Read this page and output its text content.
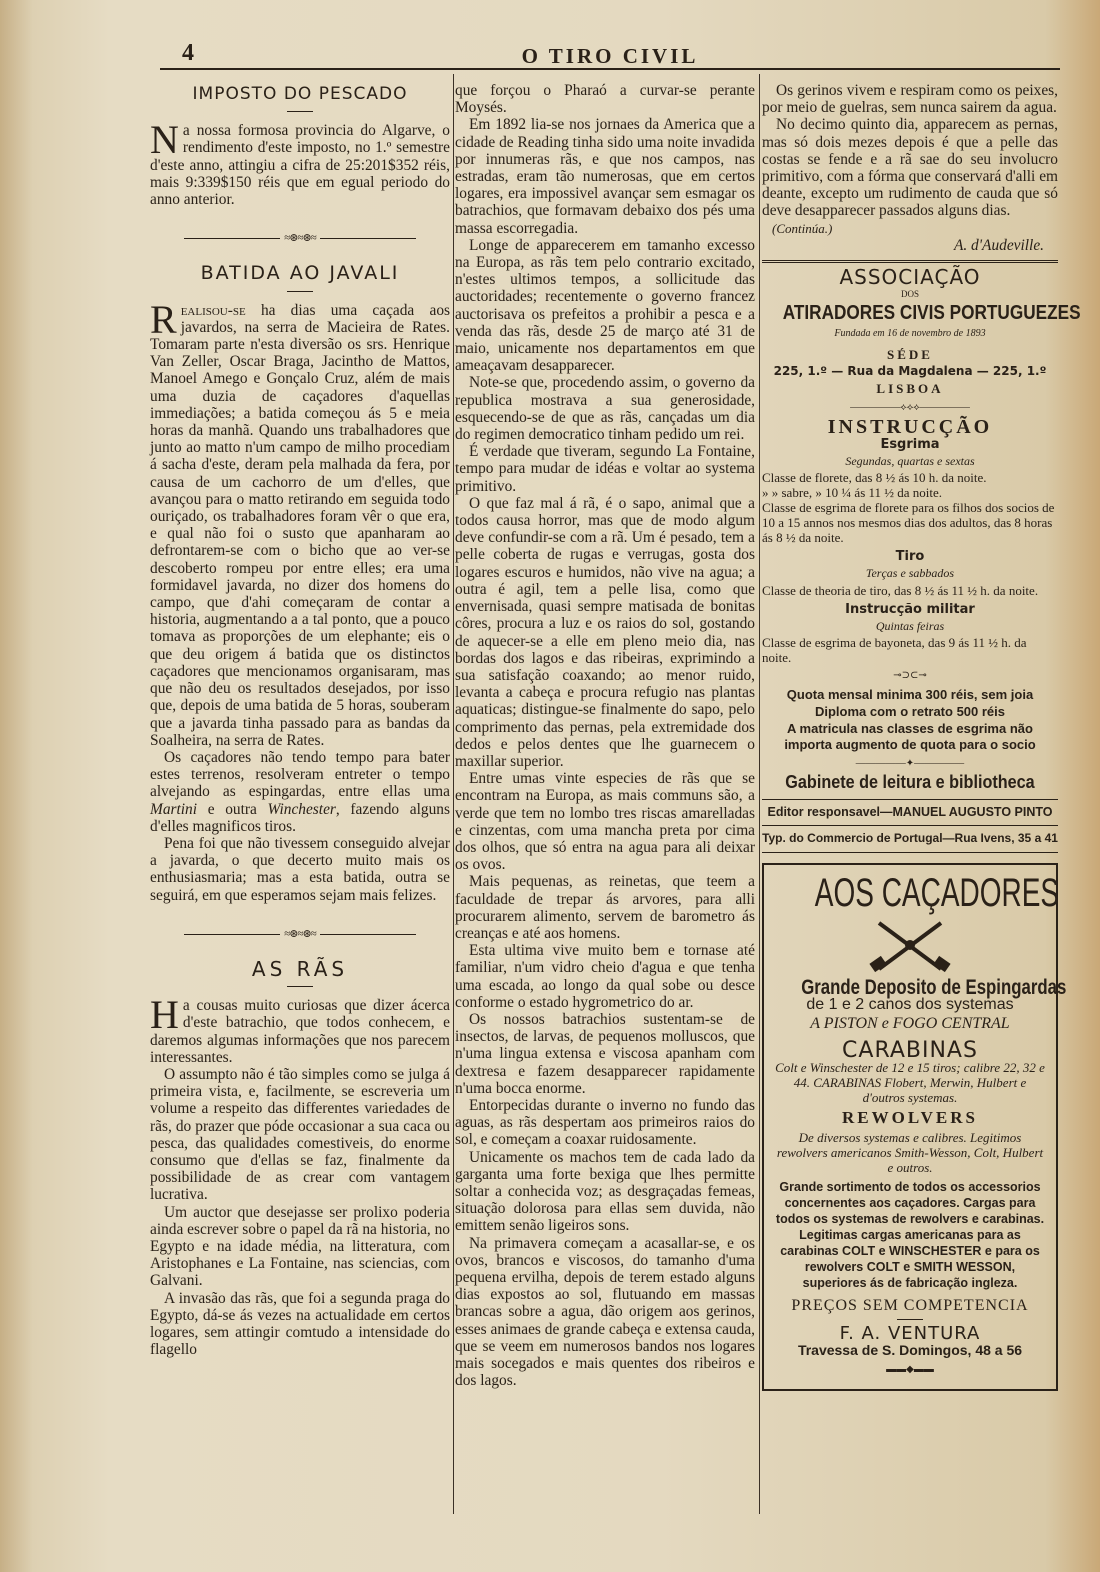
4	O TIRO CIVIL
IMPOSTO DO PESCADO

Na nossa formosa provincia do Algarve, o rendimento d'este imposto, no 1.º semestre d'este anno, attingiu a cifra de 25:201$352 réis, mais 9:339$150 réis que em egual periodo do anno anterior.

≈⊛≈⊛≈
BATIDA AO JAVALI

Realisou-se ha dias uma caçada aos javardos, na serra de Macieira de Rates. Tomaram parte n'esta diversão os srs. Henrique Van Zeller, Oscar Braga, Jacintho de Mattos, Manoel Amego e Gonçalo Cruz, além de mais uma duzia de caçadores d'aquellas immediações; a batida começou ás 5 e meia horas da manhã. Quando uns trabalhadores que junto ao matto n'um campo de milho procediam á sacha d'este, deram pela malhada da fera, por causa de um cachorro de um d'elles, que avançou para o matto retirando em seguida todo ouriçado, os trabalhadores foram vêr o que era, e qual não foi o susto que apanharam ao defrontarem-se com o bicho que ao ver-se descoberto rompeu por entre elles; era uma formidavel javarda, no dizer dos homens do campo, que d'ahi começaram de contar a historia, augmentando a a tal ponto, que a pouco tomava as proporções de um elephante; eis o que deu origem á batida que os distinctos caçadores que mencionamos organisaram, mas que não deu os resultados desejados, por isso que, depois de uma batida de 5 horas, souberam que a javarda tinha passado para as bandas da Soalheira, na serra de Rates.

Os caçadores não tendo tempo para bater estes terrenos, resolveram entreter o tempo alvejando as espingardas, entre ellas uma Martini e outra Winchester, fazendo alguns d'elles magnificos tiros.

Pena foi que não tivessem conseguido alvejar a javarda, o que decerto muito mais os enthusiasmaria; mas a esta batida, outra se seguirá, em que esperamos sejam mais felizes.

≈⊛≈⊛≈
AS RÃS

Ha cousas muito curiosas que dizer ácerca d'este batrachio, que todos conhecem, e daremos algumas informações que nos parecem interessantes.

O assumpto não é tão simples como se julga á primeira vista, e, facilmente, se escreveria um volume a respeito das differentes variedades de rãs, do prazer que póde occasionar a sua caca ou pesca, das qualidades comestiveis, do enorme consumo que d'ellas se faz, finalmente da possibilidade de as crear com vantagem lucrativa.

Um auctor que desejasse ser prolixo poderia ainda escrever sobre o papel da rã na historia, no Egypto e na idade média, na litteratura, com Aristophanes e La Fontaine, nas sciencias, com Galvani.

A invasão das rãs, que foi a segunda praga do Egypto, dá-se ás vezes na actualidade em certos logares, sem attingir comtudo a intensidade do flagello

que forçou o Pharaó a curvar-se perante Moysés.

Em 1892 lia-se nos jornaes da America que a cidade de Reading tinha sido uma noite invadida por innumeras rãs, e que nos campos, nas estradas, eram tão numerosas, que em certos logares, era impossivel avançar sem esmagar os batrachios, que formavam debaixo dos pés uma massa escorregadia.

Longe de apparecerem em tamanho excesso na Europa, as rãs tem pelo contrario excitado, n'estes ultimos tempos, a sollicitude das auctoridades; recentemente o governo francez auctorisava os prefeitos a prohibir a pesca e a venda das rãs, desde 25 de março até 31 de maio, unicamente nos departamentos em que ameaçavam desapparecer.

Note-se que, procedendo assim, o governo da republica mostrava a sua generosidade, esquecendo-se de que as rãs, cançadas um dia do regimen democratico tinham pedido um rei.

É verdade que tiveram, segundo La Fontaine, tempo para mudar de idéas e voltar ao systema primitivo.

O que faz mal á rã, é o sapo, animal que a todos causa horror, mas que de modo algum deve confundir-se com a rã. Um é pesado, tem a pelle coberta de rugas e verrugas, gosta dos logares escuros e humidos, não vive na agua; a outra é agil, tem a pelle lisa, como que envernisada, quasi sempre matisada de bonitas côres, procura a luz e os raios do sol, gostando de aquecer-se a elle em pleno meio dia, nas bordas dos lagos e das ribeiras, exprimindo a sua satisfação coaxando; ao menor ruido, levanta a cabeça e procura refugio nas plantas aquaticas; distingue-se finalmente do sapo, pelo comprimento das pernas, pela extremidade dos dedos e pelos dentes que lhe guarnecem o maxillar superior.

Entre umas vinte especies de rãs que se encontram na Europa, as mais communs são, a verde que tem no lombo tres riscas amarelladas e cinzentas, com uma mancha preta por cima dos olhos, que só entra na agua para ali deixar os ovos.

Mais pequenas, as reinetas, que teem a faculdade de trepar ás arvores, para alli procurarem alimento, servem de barometro ás creanças e até aos homens.

Esta ultima vive muito bem e tornase até familiar, n'um vidro cheio d'agua e que tenha uma escada, ao longo da qual sobe ou desce conforme o estado hygrometrico do ar.

Os nossos batrachios sustentam-se de insectos, de larvas, de pequenos molluscos, que n'uma lingua extensa e viscosa apanham com dextresa e fazem desapparecer rapidamente n'uma bocca enorme.

Entorpecidas durante o inverno no fundo das aguas, as rãs despertam aos primeiros raios do sol, e começam a coaxar ruidosamente.

Unicamente os machos tem de cada lado da garganta uma forte bexiga que lhes permitte soltar a conhecida voz; as desgraçadas femeas, situação dolorosa para ellas sem duvida, não emittem senão ligeiros sons.

Na primavera começam a acasallar-se, e os ovos, brancos e viscosos, do tamanho d'uma pequena ervilha, depois de terem estado alguns dias expostos ao sol, flutuando em massas brancas sobre a agua, dão origem aos gerinos, esses animaes de grande cabeça e extensa cauda, que se veem em numerosos bandos nos logares mais socegados e mais quentes dos ribeiros e dos lagos.

Os gerinos vivem e respiram como os peixes, por meio de guelras, sem nunca sairem da agua.

No decimo quinto dia, apparecem as pernas, mas só dois mezes depois é que a pelle das costas se fende e a rã sae do seu involucro primitivo, com a fórma que conservará d'alli em deante, excepto um rudimento de cauda que só deve desapparecer passados alguns dias.

(Continúa.)
A. d'Audeville.
ASSOCIAÇÃO
DOS
ATIRADORES CIVIS PORTUGUEZES
Fundada em 16 de novembro de 1893
SÉDE
225, 1.º — Rua da Magdalena — 225, 1.º
LISBOA
—————⟡⟡⟡—————
INSTRUCÇÃO
Esgrima
Segundas, quartas e sextas
Classe de florete, das 8 ½ ás 10 h. da noite.
» » sabre, » 10 ¼ ás 11 ½ da noite.
Classe de esgrima de florete para os filhos dos socios de 10 a 15 annos nos mesmos dias dos adultos, das 8 horas ás 8 ½ da noite.
Tiro
Terças e sabbados
Classe de theoria de tiro, das 8 ½ ás 11 ½ h. da noite.
Instrucção militar
Quintas feiras
Classe de esgrima de bayoneta, das 9 ás 11 ½ h. da noite.
⊸⊃⊂⊸
Quota mensal minima 300 réis, sem joia
Diploma com o retrato 500 réis
A matricula nas classes de esgrima não importa augmento de quota para o socio
—————✦—————
Gabinete de leitura e bibliotheca
Editor responsavel—MANUEL AUGUSTO PINTO
Typ. do Commercio de Portugal—Rua Ivens, 35 a 41
AOS CAÇADORES
Grande Deposito de Espingardas
de 1 e 2 canos dos systemas
A PISTON e FOGO CENTRAL
CARABINAS
Colt e Winschester de 12 e 15 tiros; calibre 22, 32 e 44. CARABINAS Flobert, Merwin, Hulbert e d'outros systemas.
REWOLVERS
De diversos systemas e calibres. Legitimos rewolvers americanos Smith-Wesson, Colt, Hulbert e outros.
Grande sortimento de todos os accessorios concernentes aos caçadores. Cargas para todos os systemas de rewolvers e carabinas. Legitimas cargas americanas para as carabinas COLT e WINSCHESTER e para os rewolvers COLT e SMITH WESSON, superiores ás de fabricação ingleza.
PREÇOS SEM COMPETENCIA
F. A. VENTURA
Travessa de S. Domingos, 48 a 56
▬▬◆▬▬
